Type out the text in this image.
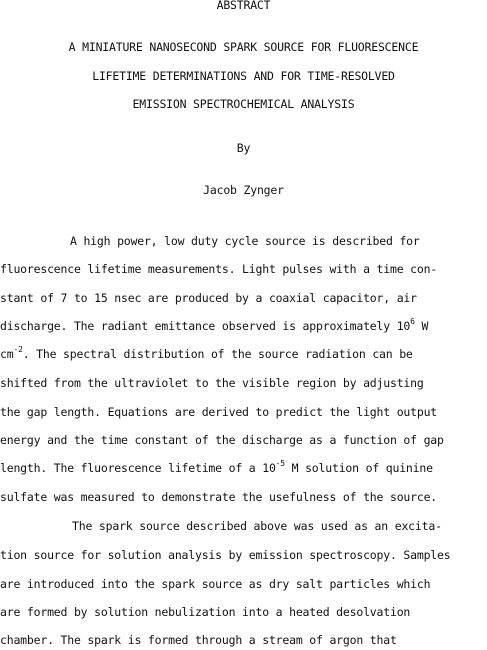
ABSTRACT
A MINIATURE NANOSECOND SPARK SOURCE FOR FLUORESCENCE
LIFETIME DETERMINATIONS AND FOR TIME-RESOLVED
EMISSION SPECTROCHEMICAL ANALYSIS
By
Jacob Zynger
A high power, low duty cycle source is described for
fluorescence lifetime measurements. Light pulses with a time con-
stant of 7 to 15 nsec are produced by a coaxial capacitor, air
discharge. The radiant emittance observed is approximately $10^6$ W
$cm^{-2}$. The spectral distribution of the source radiation can be
shifted from the ultraviolet to the visible region by adjusting
the gap length. Equations are derived to predict the light output
energy and the time constant of the discharge as a function of gap
length. The fluorescence lifetime of a $10^{-5}$ M solution of quinine
sulfate was measured to demonstrate the usefulness of the source.
The spark source described above was used as an excita-
tion source for solution analysis by emission spectroscopy. Samples
are introduced into the spark source as dry salt particles which
are formed by solution nebulization into a heated desolvation
chamber. The spark is formed through a stream of argon that
